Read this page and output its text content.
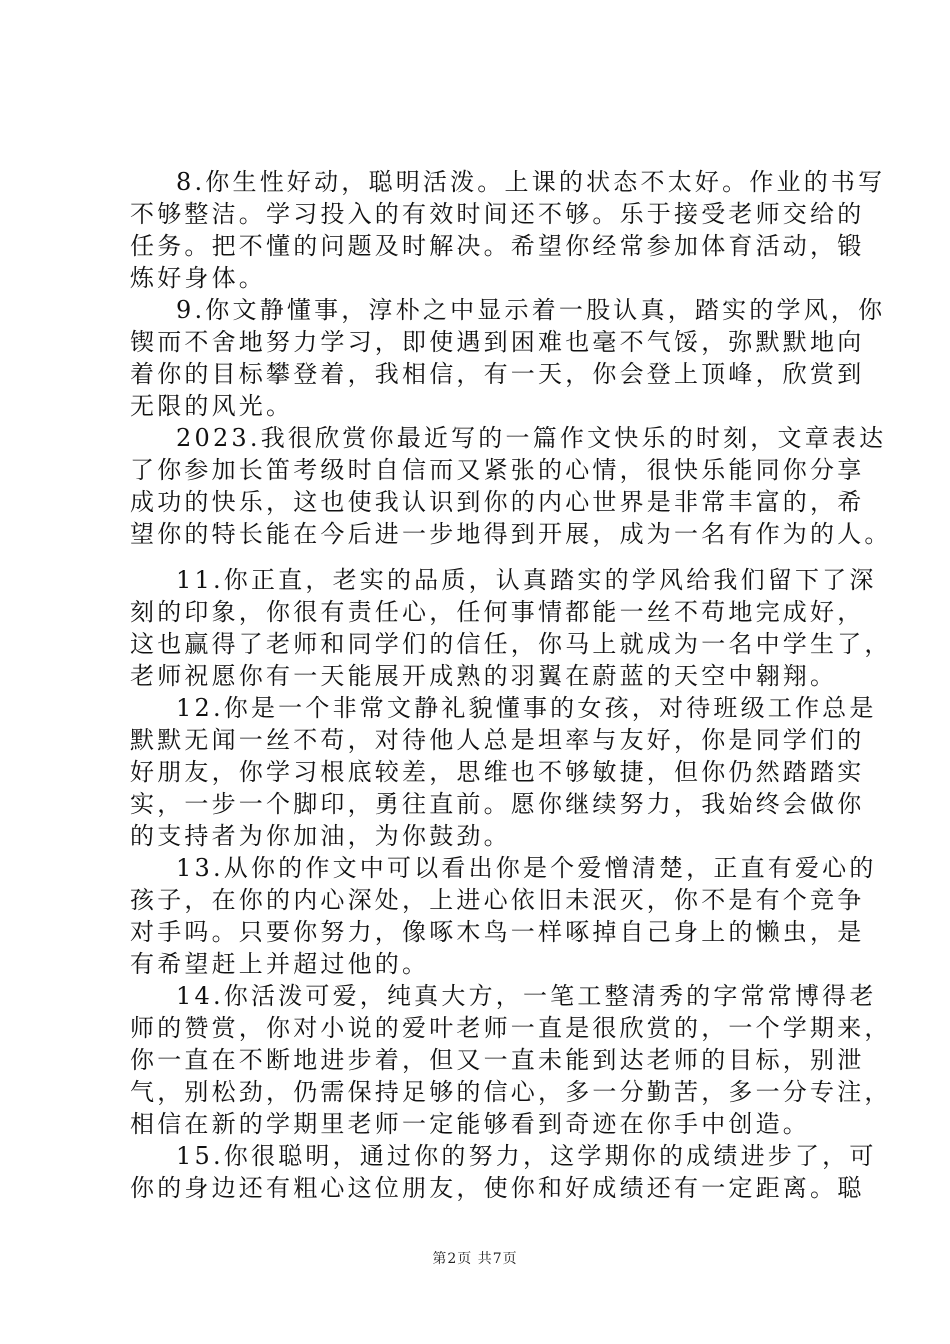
8.你生性好动，聪明活泼。上课的状态不太好。作业的书写
不够整洁。学习投入的有效时间还不够。乐于接受老师交给的
任务。把不懂的问题及时解决。希望你经常参加体育活动，锻
炼好身体。
9.你文静懂事，淳朴之中显示着一股认真，踏实的学风，你
锲而不舍地努力学习，即使遇到困难也毫不气馁，弥默默地向
着你的目标攀登着，我相信，有一天，你会登上顶峰，欣赏到
无限的风光。
2023.我很欣赏你最近写的一篇作文快乐的时刻，文章表达
了你参加长笛考级时自信而又紧张的心情，很快乐能同你分享
成功的快乐，这也使我认识到你的内心世界是非常丰富的，希
望你的特长能在今后进一步地得到开展，成为一名有作为的人。
11.你正直，老实的品质，认真踏实的学风给我们留下了深
刻的印象，你很有责任心，任何事情都能一丝不苟地完成好，
这也赢得了老师和同学们的信任，你马上就成为一名中学生了，
老师祝愿你有一天能展开成熟的羽翼在蔚蓝的天空中翱翔。
12.你是一个非常文静礼貌懂事的女孩，对待班级工作总是
默默无闻一丝不苟，对待他人总是坦率与友好，你是同学们的
好朋友，你学习根底较差，思维也不够敏捷，但你仍然踏踏实
实，一步一个脚印，勇往直前。愿你继续努力，我始终会做你
的支持者为你加油，为你鼓劲。
13.从你的作文中可以看出你是个爱憎清楚，正直有爱心的
孩子，在你的内心深处，上进心依旧未泯灭，你不是有个竞争
对手吗。只要你努力，像啄木鸟一样啄掉自己身上的懒虫，是
有希望赶上并超过他的。
14.你活泼可爱，纯真大方，一笔工整清秀的字常常博得老
师的赞赏，你对小说的爱叶老师一直是很欣赏的，一个学期来，
你一直在不断地进步着，但又一直未能到达老师的目标，别泄
气，别松劲，仍需保持足够的信心，多一分勤苦，多一分专注，
相信在新的学期里老师一定能够看到奇迹在你手中创造。
15.你很聪明，通过你的努力，这学期你的成绩进步了，可
你的身边还有粗心这位朋友，使你和好成绩还有一定距离。聪
第2页 共7页
